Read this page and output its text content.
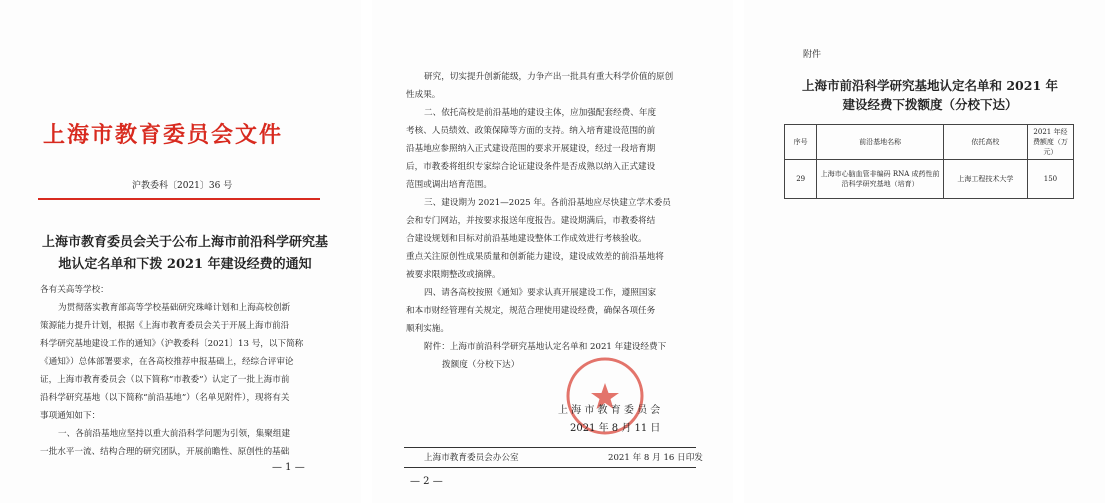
上海市教育委员会文件
沪教委科〔2021〕36 号
上海市教育委员会关于公布上海市前沿科学研究基地认定名单和下拨 2021 年建设经费的通知
各有关高等学校：
为贯彻落实教育部高等学校基础研究珠峰计划和上海高校创新
策源能力提升计划，根据《上海市教育委员会关于开展上海市前沿
科学研究基地建设工作的通知》（沪教委科〔2021〕13 号，以下简称
《通知》）总体部署要求，在各高校推荐申报基础上，经综合评审论
证，上海市教育委员会（以下简称“市教委”）认定了一批上海市前
沿科学研究基地（以下简称“前沿基地”）（名单见附件），现将有关
事项通知如下：
一、各前沿基地应坚持以重大前沿科学问题为引领，集聚组建
一批水平一流、结构合理的研究团队，开展前瞻性、原创性的基础
— 1 —
研究，切实提升创新能级，力争产出一批具有重大科学价值的原创
性成果。
二、依托高校是前沿基地的建设主体，应加强配套经费、年度
考核、人员绩效、政策保障等方面的支持。纳入培育建设范围的前
沿基地应参照纳入正式建设范围的要求开展建设，经过一段培育期
后，市教委将组织专家综合论证建设条件是否成熟以纳入正式建设
范围或调出培育范围。
三、建设期为 2021—2025 年。各前沿基地应尽快建立学术委员
会和专门网站，并按要求报送年度报告。建设期满后，市教委将结
合建设规划和目标对前沿基地建设整体工作成效进行考核验收。
重点关注原创性成果质量和创新能力建设，建设成效差的前沿基地将
被要求限期整改或摘牌。
四、请各高校按照《通知》要求认真开展建设工作，遵照国家
和本市财经管理有关规定，规范合理使用建设经费，确保各项任务
顺利实施。
附件：上海市前沿科学研究基地认定名单和 2021 年建设经费下
拨额度（分校下达）
上 海 市 教 育 委 员 会
2021 年 8 月 11 日
上海市教育委员会办公室	2021 年 8 月 16 日印发
— 2 —
附件
上海市前沿科学研究基地认定名单和 2021 年建设经费下拨额度（分校下达）
序号	前沿基地名称	依托高校	2021 年经费额度（万元）
29	上海市心脑血管非编码 RNA 成药性前沿科学研究基地（培育）	上海工程技术大学	150
